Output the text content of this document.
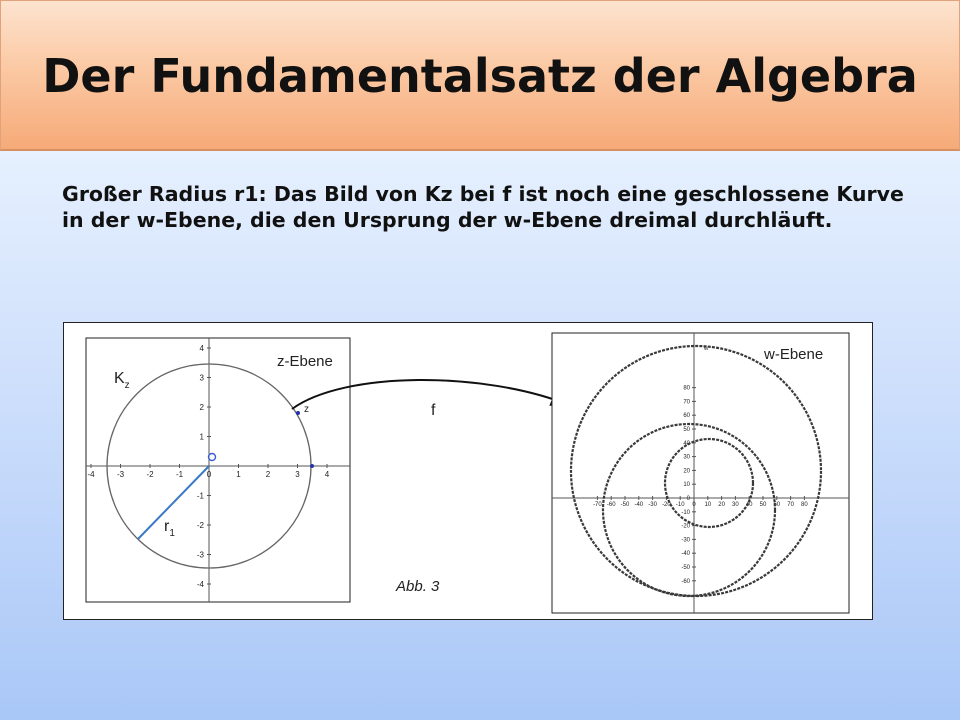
Der Fundamentalsatz der Algebra
Großer Radius r1: Das Bild von Kz bei f ist noch eine geschlossene Kurve in der w-Ebene, die den Ursprung der w-Ebene dreimal durchläuft.
-4	-3	-2	-1	0	1	2	3	4
4
3
2
1
-1
-2
-3
-4
z
z-Ebene
$K_z$
$r_1$
f
Abb. 3
-70 -60 -50 -40 -30 -20 -10 0 10 20 30 40 50 60 70 80
80
70
60
50
40
30
20
10
0
-10
-20
-30
-40
-50
-60
w-Ebene
w
